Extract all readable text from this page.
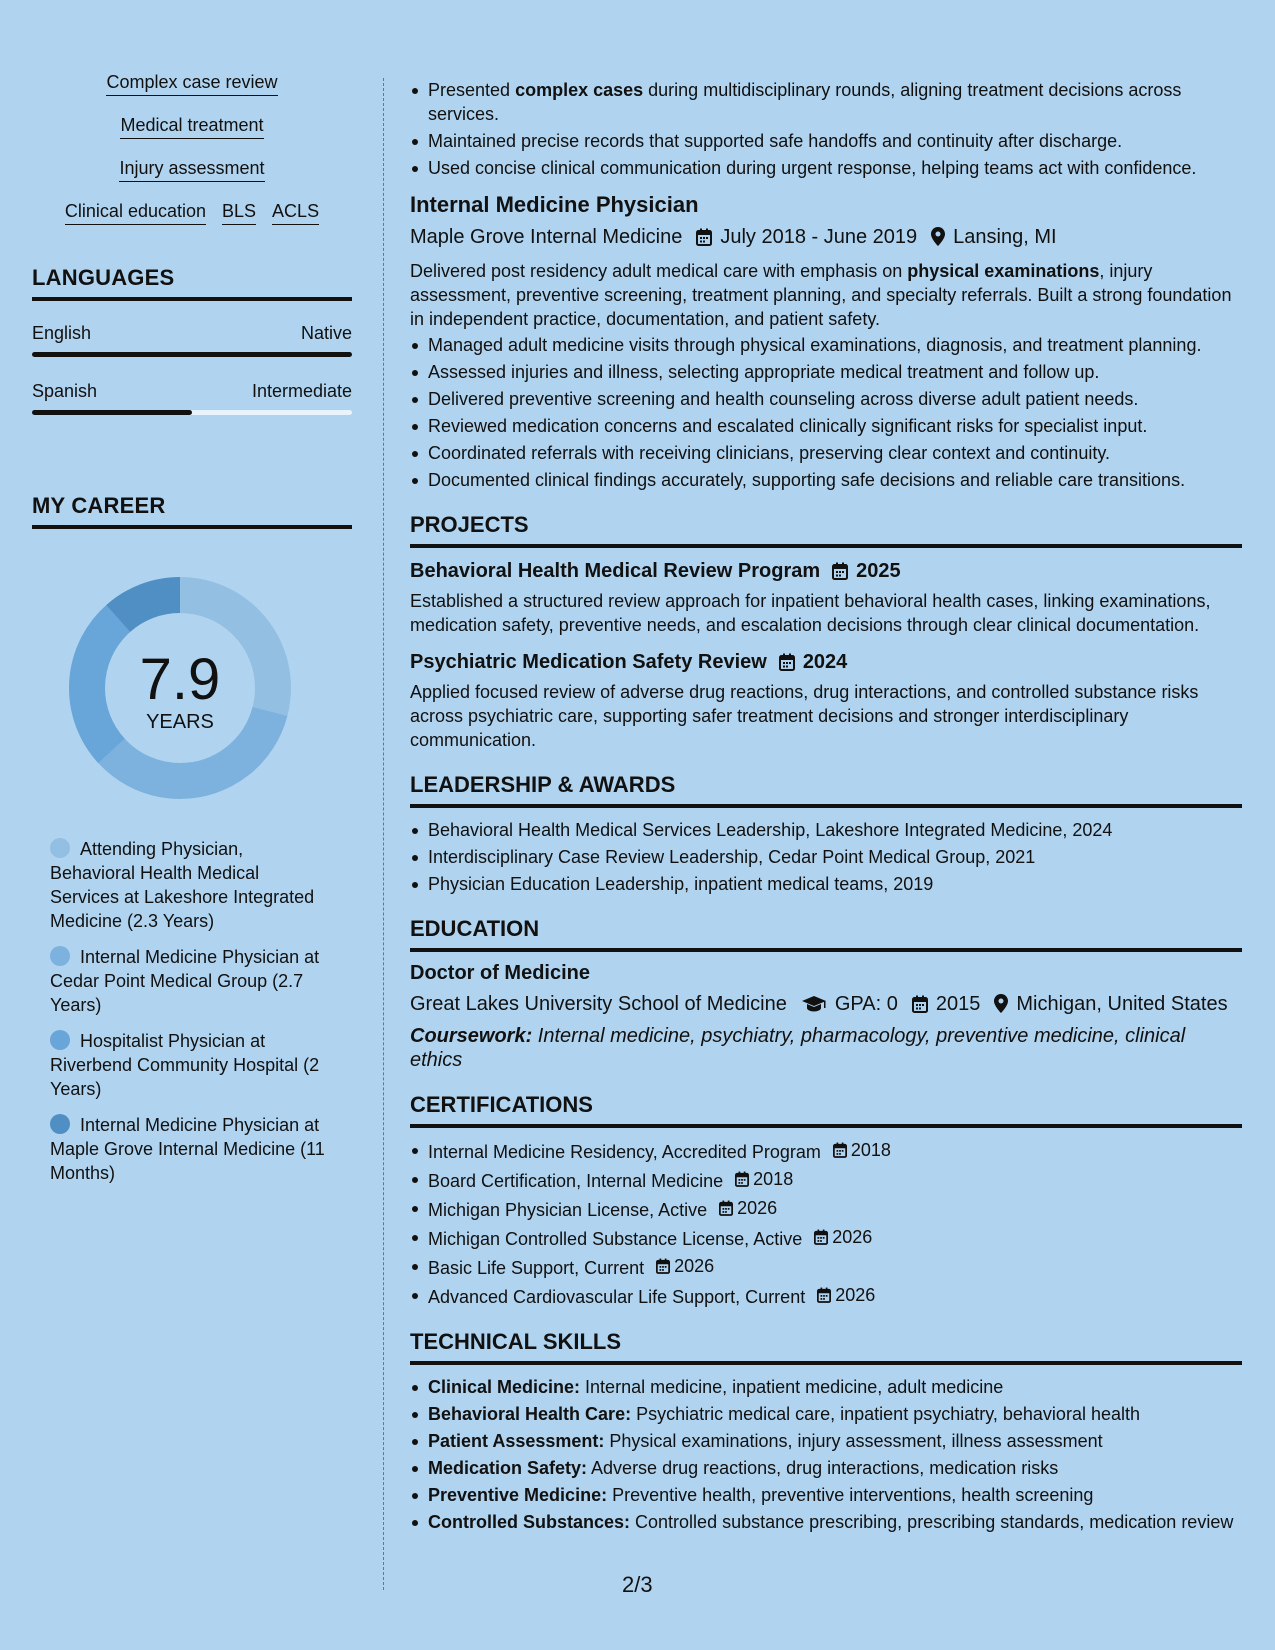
Complex case review
Medical treatment
Injury assessment
Clinical education BLS ACLS
LANGUAGES
English	Native
Spanish	Intermediate
MY CAREER
7.9
YEARS
Attending Physician, Behavioral Health Medical Services at Lakeshore Integrated Medicine (2.3 Years)
Internal Medicine Physician at Cedar Point Medical Group (2.7 Years)
Hospitalist Physician at Riverbend Community Hospital (2 Years)
Internal Medicine Physician at Maple Grove Internal Medicine (11 Months)
Presented complex cases during multidisciplinary rounds, aligning treatment decisions across services.
Maintained precise records that supported safe handoffs and continuity after discharge.
Used concise clinical communication during urgent response, helping teams act with confidence.
Internal Medicine Physician
Maple Grove Internal Medicine July 2018 - June 2019 Lansing, MI
Delivered post residency adult medical care with emphasis on physical examinations, injury assessment, preventive screening, treatment planning, and specialty referrals. Built a strong foundation in independent practice, documentation, and patient safety.
Managed adult medicine visits through physical examinations, diagnosis, and treatment planning.
Assessed injuries and illness, selecting appropriate medical treatment and follow up.
Delivered preventive screening and health counseling across diverse adult patient needs.
Reviewed medication concerns and escalated clinically significant risks for specialist input.
Coordinated referrals with receiving clinicians, preserving clear context and continuity.
Documented clinical findings accurately, supporting safe decisions and reliable care transitions.
PROJECTS
Behavioral Health Medical Review Program 2025
Established a structured review approach for inpatient behavioral health cases, linking examinations, medication safety, preventive needs, and escalation decisions through clear clinical documentation.
Psychiatric Medication Safety Review 2024
Applied focused review of adverse drug reactions, drug interactions, and controlled substance risks across psychiatric care, supporting safer treatment decisions and stronger interdisciplinary communication.
LEADERSHIP & AWARDS
Behavioral Health Medical Services Leadership, Lakeshore Integrated Medicine, 2024
Interdisciplinary Case Review Leadership, Cedar Point Medical Group, 2021
Physician Education Leadership, inpatient medical teams, 2019
EDUCATION
Doctor of Medicine
Great Lakes University School of Medicine GPA: 0 2015 Michigan, United States
Coursework: Internal medicine, psychiatry, pharmacology, preventive medicine, clinical ethics
CERTIFICATIONS
Internal Medicine Residency, Accredited Program 2018
Board Certification, Internal Medicine 2018
Michigan Physician License, Active 2026
Michigan Controlled Substance License, Active 2026
Basic Life Support, Current 2026
Advanced Cardiovascular Life Support, Current 2026
TECHNICAL SKILLS
Clinical Medicine: Internal medicine, inpatient medicine, adult medicine
Behavioral Health Care: Psychiatric medical care, inpatient psychiatry, behavioral health
Patient Assessment: Physical examinations, injury assessment, illness assessment
Medication Safety: Adverse drug reactions, drug interactions, medication risks
Preventive Medicine: Preventive health, preventive interventions, health screening
Controlled Substances: Controlled substance prescribing, prescribing standards, medication review
2/3
